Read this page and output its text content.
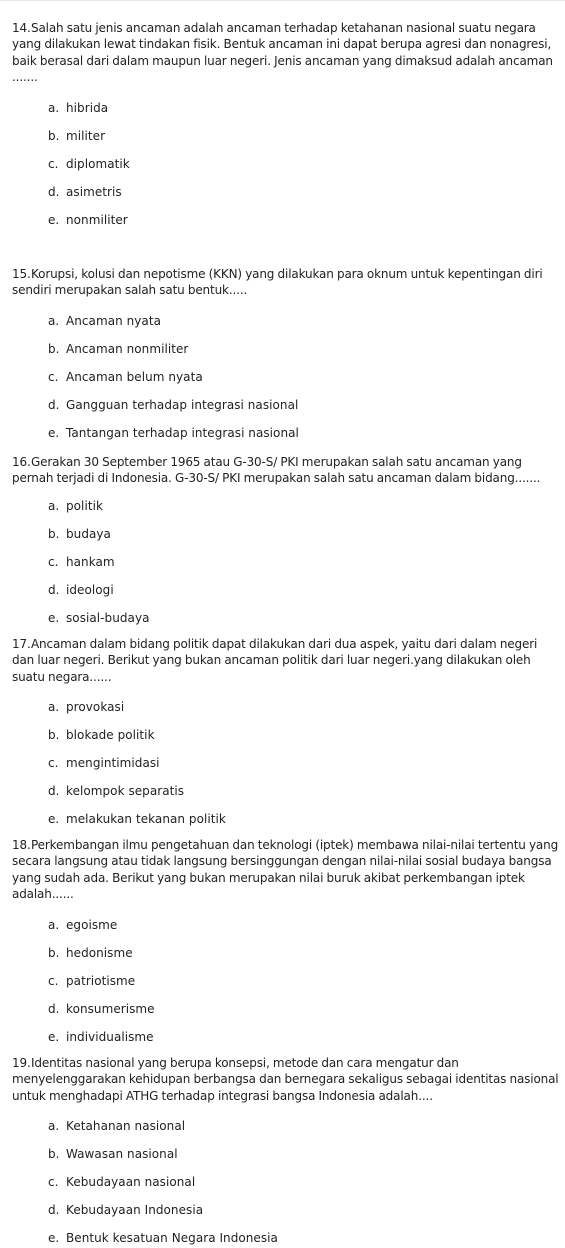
14. Salah satu jenis ancaman adalah ancaman terhadap ketahanan nasional suatu negara yang dilakukan lewat tindakan fisik. Bentuk ancaman ini dapat berupa agresi dan nonagresi, baik berasal dari dalam maupun luar negeri. Jenis ancaman yang dimaksud adalah ancaman .......
a. hibrida
b. militer
c. diplomatik
d. asimetris
e. nonmiliter
15. Korupsi, kolusi dan nepotisme (KKN) yang dilakukan para oknum untuk kepentingan diri sendiri merupakan salah satu bentuk.....
a. Ancaman nyata
b. Ancaman nonmiliter
c. Ancaman belum nyata
d. Gangguan terhadap integrasi nasional
e. Tantangan terhadap integrasi nasional
16. Gerakan 30 September 1965 atau G-30-S/ PKI merupakan salah satu ancaman yang pernah terjadi di Indonesia. G-30-S/ PKI merupakan salah satu ancaman dalam bidang.......
a. politik
b. budaya
c. hankam
d. ideologi
e. sosial-budaya
17. Ancaman dalam bidang politik dapat dilakukan dari dua aspek, yaitu dari dalam negeri dan luar negeri. Berikut yang bukan ancaman politik dari luar negeri.yang dilakukan oleh suatu negara......
a. provokasi
b. blokade politik
c. mengintimidasi
d. kelompok separatis
e. melakukan tekanan politik
18. Perkembangan ilmu pengetahuan dan teknologi (iptek) membawa nilai-nilai tertentu yang secara langsung atau tidak langsung bersinggungan dengan nilai-nilai sosial budaya bangsa yang sudah ada. Berikut yang bukan merupakan nilai buruk akibat perkembangan iptek adalah......
a. egoisme
b. hedonisme
c. patriotisme
d. konsumerisme
e. individualisme
19. Identitas nasional yang berupa konsepsi, metode dan cara mengatur dan menyelenggarakan kehidupan berbangsa dan bernegara sekaligus sebagai identitas nasional untuk menghadapi ATHG terhadap integrasi bangsa Indonesia adalah....
a. Ketahanan nasional
b. Wawasan nasional
c. Kebudayaan nasional
d. Kebudayaan Indonesia
e. Bentuk kesatuan Negara Indonesia
